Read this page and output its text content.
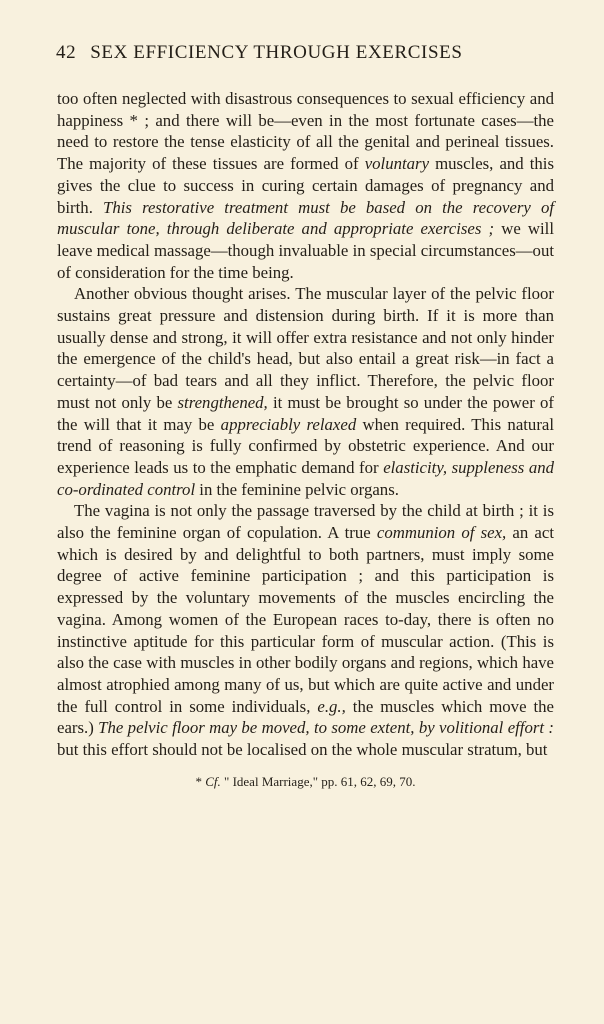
42 SEX EFFICIENCY THROUGH EXERCISES

too often neglected with disastrous consequences to sexual efficiency and happiness * ; and there will be—even in the most fortunate cases—the need to restore the tense elasticity of all the genital and perineal tissues. The majority of these tissues are formed of voluntary muscles, and this gives the clue to success in curing certain damages of pregnancy and birth. This restorative treatment must be based on the recovery of muscular tone, through deliberate and appropriate exercises ; we will leave medical massage—though invaluable in special circumstances—out of consideration for the time being.

Another obvious thought arises. The muscular layer of the pelvic floor sustains great pressure and distension during birth. If it is more than usually dense and strong, it will offer extra resistance and not only hinder the emergence of the child's head, but also entail a great risk—in fact a certainty—of bad tears and all they inflict. Therefore, the pelvic floor must not only be strengthened, it must be brought so under the power of the will that it may be appreciably relaxed when required. This natural trend of reasoning is fully confirmed by obstetric experience. And our experience leads us to the emphatic demand for elasticity, suppleness and co-ordinated control in the feminine pelvic organs.

The vagina is not only the passage traversed by the child at birth ; it is also the feminine organ of copulation. A true communion of sex, an act which is desired by and delightful to both partners, must imply some degree of active feminine participation ; and this participation is expressed by the voluntary movements of the muscles encircling the vagina. Among women of the European races to-day, there is often no instinctive aptitude for this particular form of muscular action. (This is also the case with muscles in other bodily organs and regions, which have almost atrophied among many of us, but which are quite active and under the full control in some individuals, e.g., the muscles which move the ears.) The pelvic floor may be moved, to some extent, by volitional effort : but this effort should not be localised on the whole muscular stratum, but

* Cf. " Ideal Marriage," pp. 61, 62, 69, 70.
